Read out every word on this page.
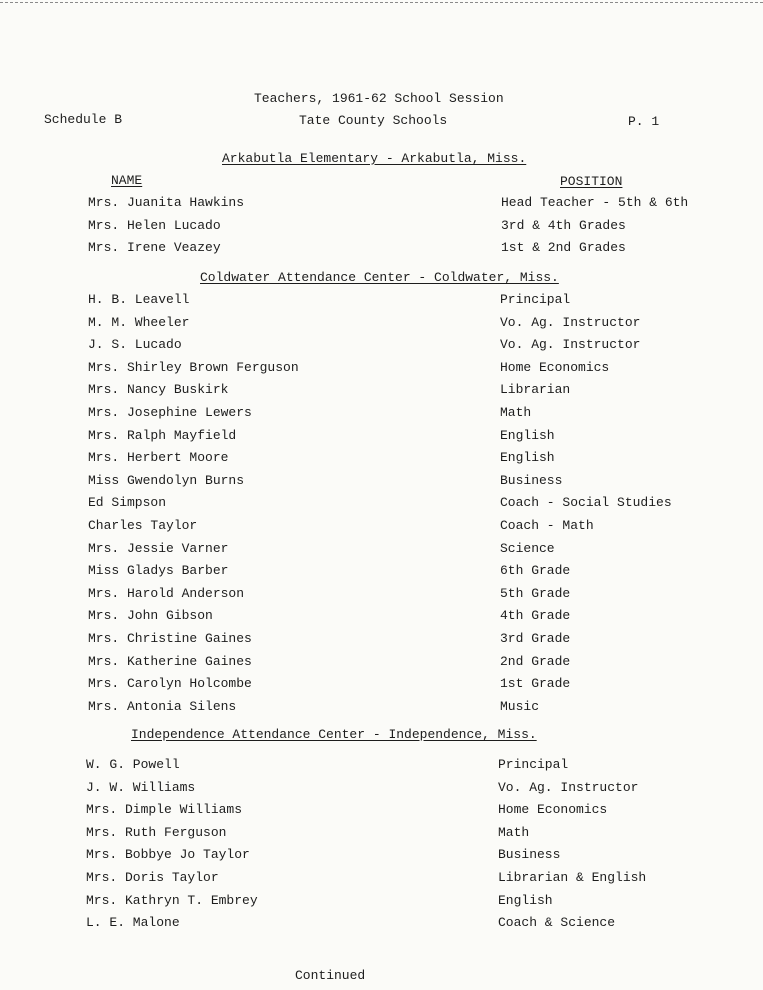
Teachers, 1961-62 School Session
Schedule B	Tate County Schools	P. 1
Arkabutla Elementary - Arkabutla, Miss.
NAME	POSITION
Mrs. Juanita Hawkins	Head Teacher - 5th & 6th
Mrs. Helen Lucado	3rd & 4th Grades
Mrs. Irene Veazey	1st & 2nd Grades
Coldwater Attendance Center - Coldwater, Miss.
H. B. Leavell	Principal
M. M. Wheeler	Vo. Ag. Instructor
J. S. Lucado	Vo. Ag. Instructor
Mrs. Shirley Brown Ferguson	Home Economics
Mrs. Nancy Buskirk	Librarian
Mrs. Josephine Lewers	Math
Mrs. Ralph Mayfield	English
Mrs. Herbert Moore	English
Miss Gwendolyn Burns	Business
Ed Simpson	Coach - Social Studies
Charles Taylor	Coach - Math
Mrs. Jessie Varner	Science
Miss Gladys Barber	6th Grade
Mrs. Harold Anderson	5th Grade
Mrs. John Gibson	4th Grade
Mrs. Christine Gaines	3rd Grade
Mrs. Katherine Gaines	2nd Grade
Mrs. Carolyn Holcombe	1st Grade
Mrs. Antonia Silens	Music
Independence Attendance Center - Independence, Miss.
W. G. Powell	Principal
J. W. Williams	Vo. Ag. Instructor
Mrs. Dimple Williams	Home Economics
Mrs. Ruth Ferguson	Math
Mrs. Bobbye Jo Taylor	Business
Mrs. Doris Taylor	Librarian & English
Mrs. Kathryn T. Embrey	English
L. E. Malone	Coach & Science
Continued
